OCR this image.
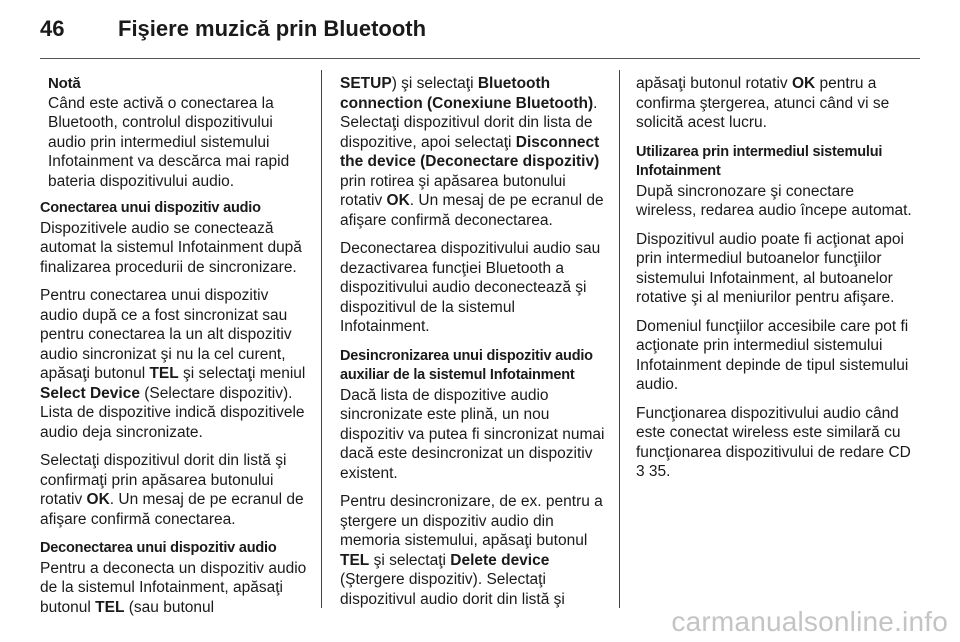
46	Fişiere muzică prin Bluetooth
Notă
Când este activă o conectarea la Bluetooth, controlul dispozitivului audio prin intermediul sistemului Infotainment va descărca mai rapid bateria dispozitivului audio.
Conectarea unui dispozitiv audio

Dispozitivele audio se conectează automat la sistemul Infotainment după finalizarea procedurii de sincronizare.

Pentru conectarea unui dispozitiv audio după ce a fost sincronizat sau pentru conectarea la un alt dispozitiv audio sincronizat şi nu la cel curent, apăsaţi butonul TEL şi selectaţi meniul Select Device (Selectare dispozitiv). Lista de dispozitive indică dispozitivele audio deja sincronizate.

Selectaţi dispozitivul dorit din listă şi confirmaţi prin apăsarea butonului rotativ OK. Un mesaj de pe ecranul de afişare confirmă conectarea.

Deconectarea unui dispozitiv audio

Pentru a deconecta un dispozitiv audio de la sistemul Infotainment, apăsaţi butonul TEL (sau butonul

SETUP) şi selectaţi Bluetooth connection (Conexiune Bluetooth). Selectaţi dispozitivul dorit din lista de dispozitive, apoi selectaţi Disconnect the device (Deconectare dispozitiv) prin rotirea şi apăsarea butonului rotativ OK. Un mesaj de pe ecranul de afişare confirmă deconectarea.

Deconectarea dispozitivului audio sau dezactivarea funcţiei Bluetooth a dispozitivului audio deconectează şi dispozitivul de la sistemul Infotainment.

Desincronizarea unui dispozitiv audio auxiliar de la sistemul Infotainment

Dacă lista de dispozitive audio sincronizate este plină, un nou dispozitiv va putea fi sincronizat numai dacă este desincronizat un dispozitiv existent.

Pentru desincronizare, de ex. pentru a ştergere un dispozitiv audio din memoria sistemului, apăsaţi butonul TEL şi selectaţi Delete device (Ştergere dispozitiv). Selectaţi dispozitivul audio dorit din listă şi

apăsaţi butonul rotativ OK pentru a confirma ştergerea, atunci când vi se solicită acest lucru.

Utilizarea prin intermediul sistemului Infotainment

După sincronozare şi conectare wireless, redarea audio începe automat.

Dispozitivul audio poate fi acţionat apoi prin intermediul butoanelor funcţiilor sistemului Infotainment, al butoanelor rotative şi al meniurilor pentru afişare.

Domeniul funcţiilor accesibile care pot fi acţionate prin intermediul sistemului Infotainment depinde de tipul sistemului audio.

Funcţionarea dispozitivului audio când este conectat wireless este similară cu funcţionarea dispozitivului de redare CD 3 35.

carmanualsonline.info
